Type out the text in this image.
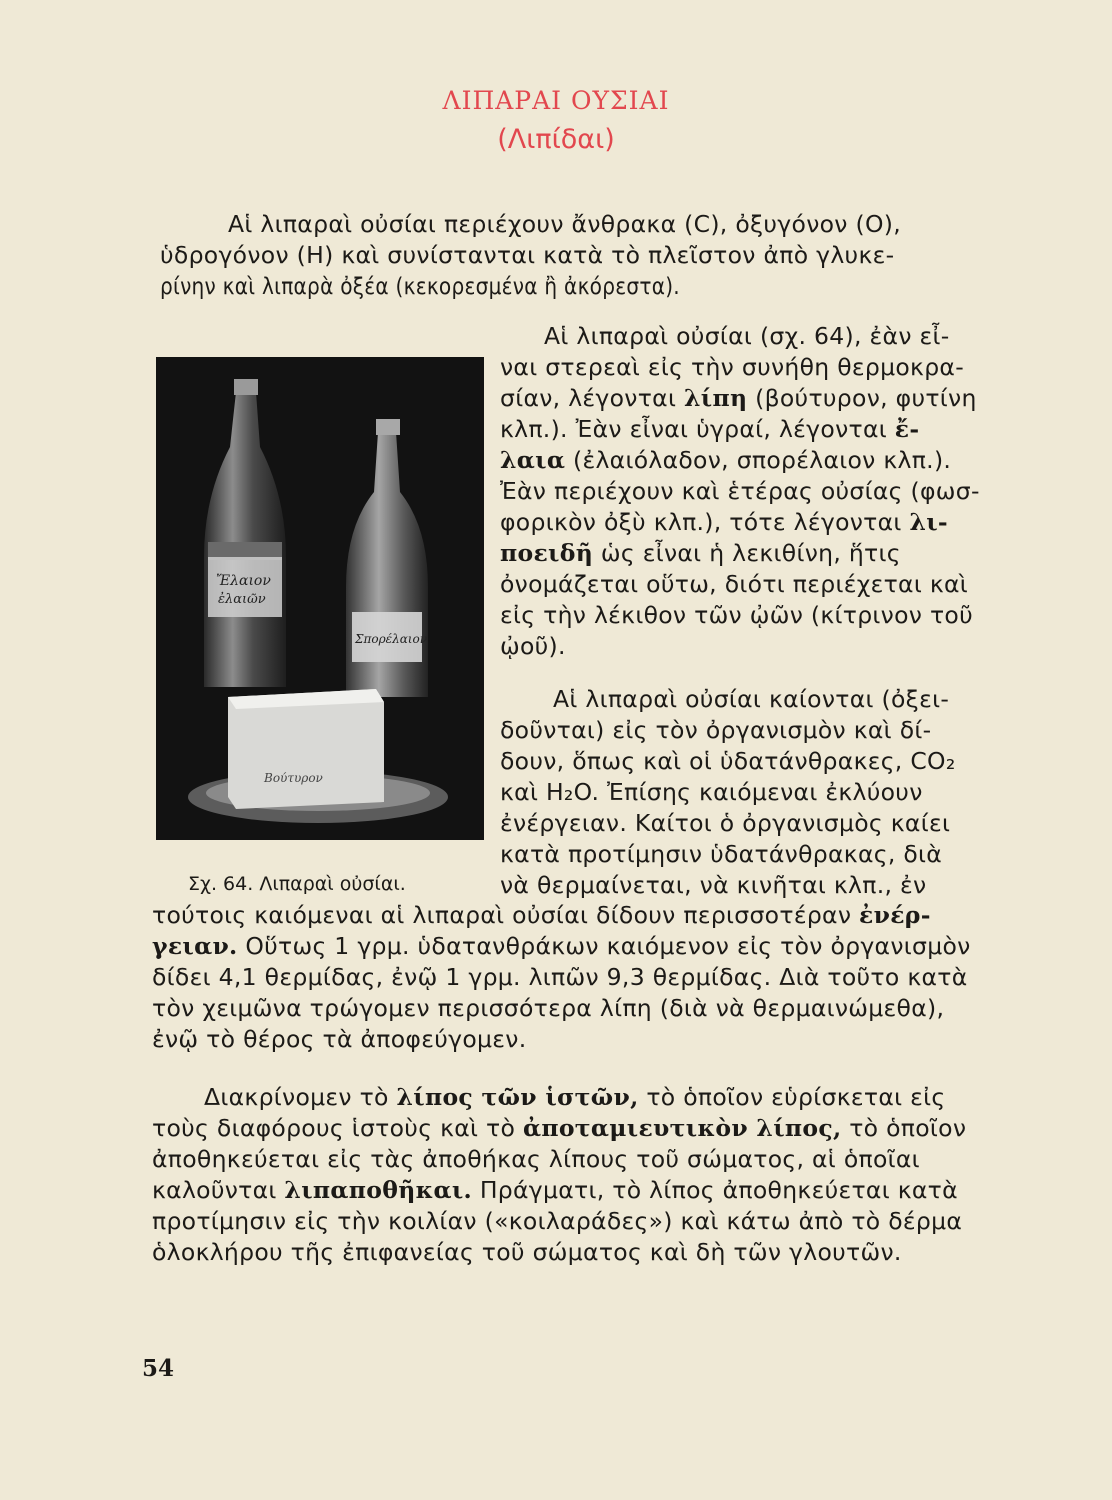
ΛΙΠΑΡΑΙ ΟΥΣΙΑΙ
(Λιπίδαι)
Ἔλαιον
ἐλαιῶν
Σπορέλαιον
Βούτυρον
Σχ. 64. Λιπαραὶ οὐσίαι.
Αἱ λιπαραὶ οὐσίαι περιέχουν ἄνθρακα (C), ὀξυγόνον (O),
ὑδρογόνον (H) καὶ συνίστανται κατὰ τὸ πλεῖστον ἀπὸ γλυκε-
ρίνην καὶ λιπαρὰ ὀξέα (κεκορεσμένα ἢ ἀκόρεστα).
Αἱ λιπαραὶ οὐσίαι (σχ. 64), ἐὰν εἶ-
ναι στερεαὶ εἰς τὴν συνήθη θερμοκρα-
σίαν, λέγονται λίπη (βούτυρον, φυτίνη
κλπ.). Ἐὰν εἶναι ὑγραί, λέγονται ἔ-
λαια (ἐλαιόλαδον, σπορέλαιον κλπ.).
Ἐὰν περιέχουν καὶ ἑτέρας οὐσίας (φωσ-
φορικὸν ὀξὺ κλπ.), τότε λέγονται λι-
ποειδῆ ὡς εἶναι ἡ λεκιθίνη, ἥτις
ὀνομάζεται οὕτω, διότι περιέχεται καὶ
εἰς τὴν λέκιθον τῶν ᾠῶν (κίτρινον τοῦ
ᾠοῦ).
Αἱ λιπαραὶ οὐσίαι καίονται (ὀξει-
δοῦνται) εἰς τὸν ὀργανισμὸν καὶ δί-
δουν, ὅπως καὶ οἱ ὑδατάνθρακες, CO₂
καὶ H₂O. Ἐπίσης καιόμεναι ἐκλύουν
ἐνέργειαν. Καίτοι ὁ ὀργανισμὸς καίει
κατὰ προτίμησιν ὑδατάνθρακας, διὰ
νὰ θερμαίνεται, νὰ κινῆται κλπ., ἐν
τούτοις καιόμεναι αἱ λιπαραὶ οὐσίαι δίδουν περισσοτέραν ἐνέρ-
γειαν. Οὕτως 1 γρμ. ὑδατανθράκων καιόμενον εἰς τὸν ὀργανισμὸν
δίδει 4,1 θερμίδας, ἐνῷ 1 γρμ. λιπῶν 9,3 θερμίδας. Διὰ τοῦτο κατὰ
τὸν χειμῶνα τρώγομεν περισσότερα λίπη (διὰ νὰ θερμαινώμεθα),
ἐνῷ τὸ θέρος τὰ ἀποφεύγομεν.
Διακρίνομεν τὸ λίπος τῶν ἱστῶν, τὸ ὁποῖον εὑρίσκεται εἰς
τοὺς διαφόρους ἱστοὺς καὶ τὸ ἀποταμιευτικὸν λίπος, τὸ ὁποῖον
ἀποθηκεύεται εἰς τὰς ἀποθήκας λίπους τοῦ σώματος, αἱ ὁποῖαι
καλοῦνται λιπαποθῆκαι. Πράγματι, τὸ λίπος ἀποθηκεύεται κατὰ
προτίμησιν εἰς τὴν κοιλίαν («κοιλαράδες») καὶ κάτω ἀπὸ τὸ δέρμα
ὁλοκλήρου τῆς ἐπιφανείας τοῦ σώματος καὶ δὴ τῶν γλουτῶν.
54
